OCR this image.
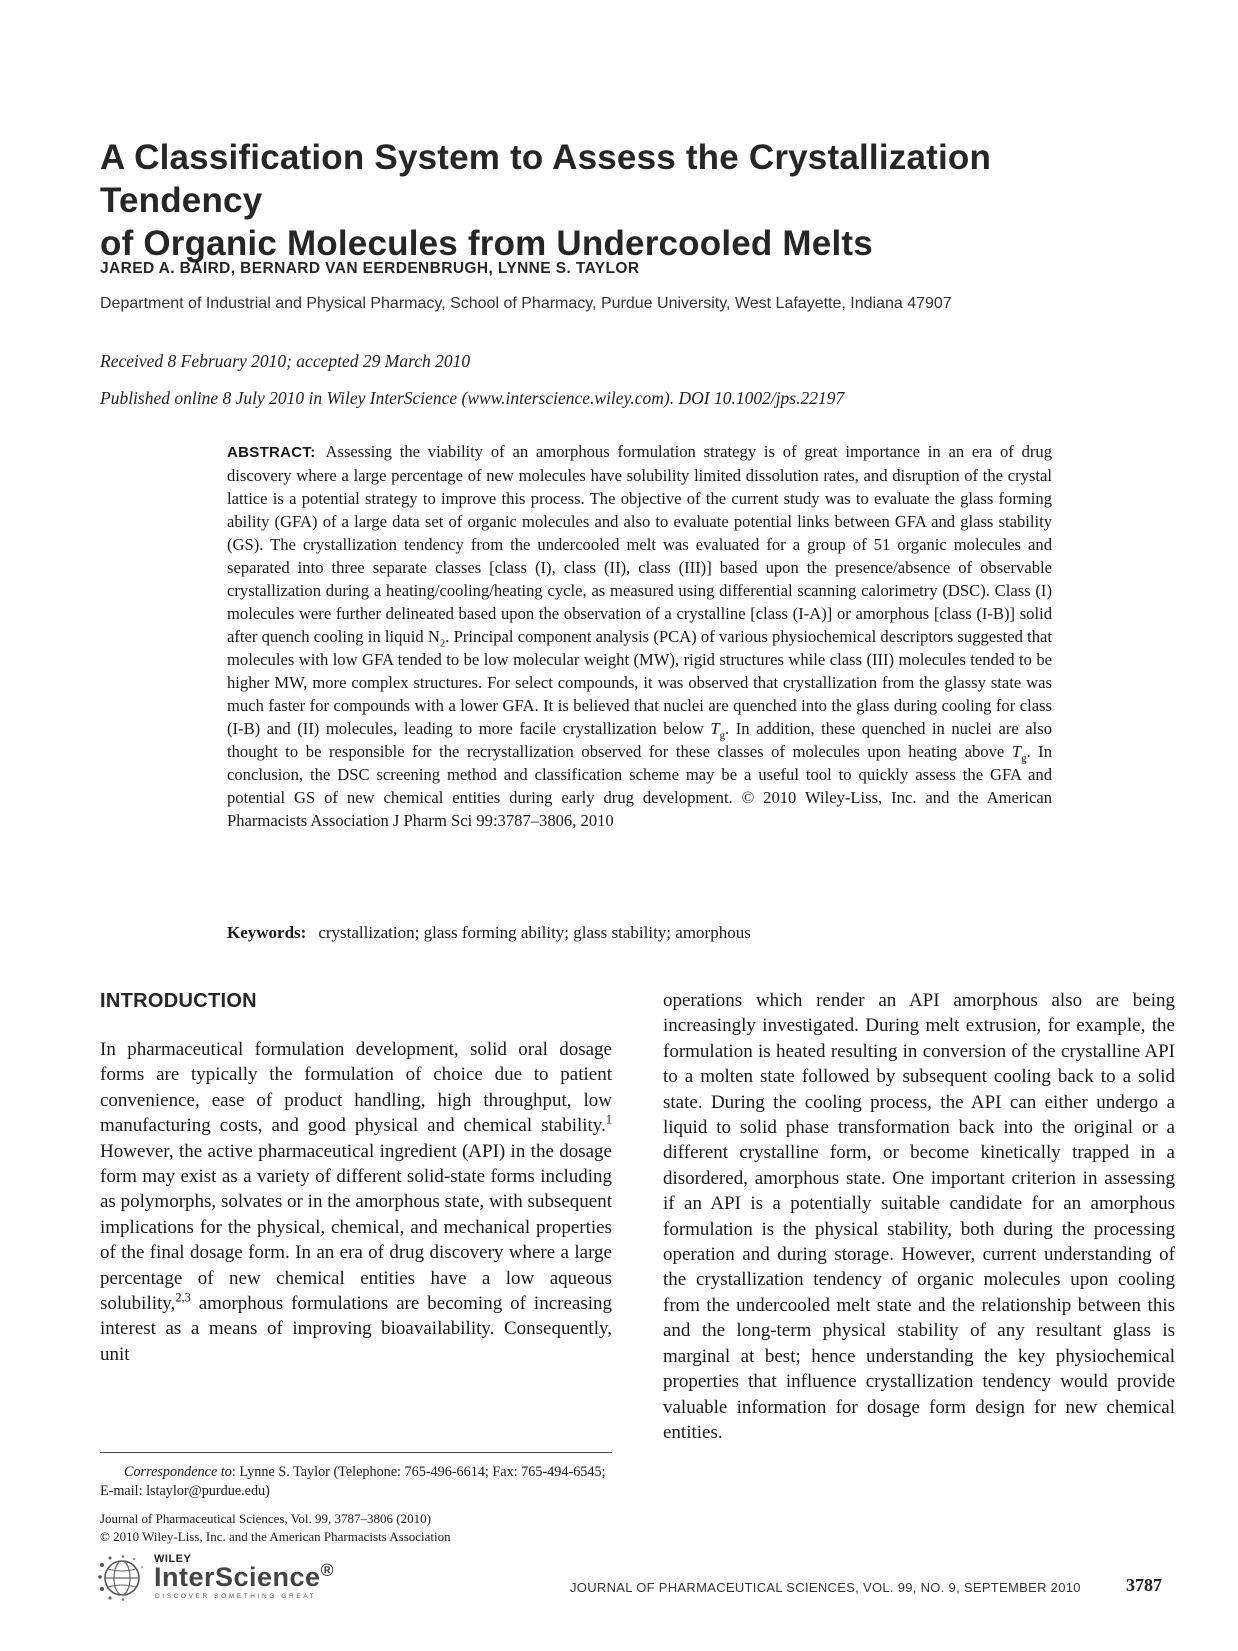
A Classification System to Assess the Crystallization Tendency
of Organic Molecules from Undercooled Melts
JARED A. BAIRD, BERNARD VAN EERDENBRUGH, LYNNE S. TAYLOR
Department of Industrial and Physical Pharmacy, School of Pharmacy, Purdue University, West Lafayette, Indiana 47907
Received 8 February 2010; accepted 29 March 2010
Published online 8 July 2010 in Wiley InterScience (www.interscience.wiley.com). DOI 10.1002/jps.22197
ABSTRACT: Assessing the viability of an amorphous formulation strategy is of great importance in an era of drug discovery where a large percentage of new molecules have solubility limited dissolution rates, and disruption of the crystal lattice is a potential strategy to improve this process. The objective of the current study was to evaluate the glass forming ability (GFA) of a large data set of organic molecules and also to evaluate potential links between GFA and glass stability (GS). The crystallization tendency from the undercooled melt was evaluated for a group of 51 organic molecules and separated into three separate classes [class (I), class (II), class (III)] based upon the presence/absence of observable crystallization during a heating/cooling/heating cycle, as measured using differential scanning calorimetry (DSC). Class (I) molecules were further delineated based upon the observation of a crystalline [class (I-A)] or amorphous [class (I-B)] solid after quench cooling in liquid $N_2$. Principal component analysis (PCA) of various physiochemical descriptors suggested that molecules with low GFA tended to be low molecular weight (MW), rigid structures while class (III) molecules tended to be higher MW, more complex structures. For select compounds, it was observed that crystallization from the glassy state was much faster for compounds with a lower GFA. It is believed that nuclei are quenched into the glass during cooling for class (I-B) and (II) molecules, leading to more facile crystallization below $T_g$. In addition, these quenched in nuclei are also thought to be responsible for the recrystallization observed for these classes of molecules upon heating above $T_g$. In conclusion, the DSC screening method and classification scheme may be a useful tool to quickly assess the GFA and potential GS of new chemical entities during early drug development. © 2010 Wiley-Liss, Inc. and the American Pharmacists Association J Pharm Sci 99:3787–3806, 2010
Keywords: crystallization; glass forming ability; glass stability; amorphous
INTRODUCTION
In pharmaceutical formulation development, solid oral dosage forms are typically the formulation of choice due to patient convenience, ease of product handling, high throughput, low manufacturing costs, and good physical and chemical stability.$^1$ However, the active pharmaceutical ingredient (API) in the dosage form may exist as a variety of different solid-state forms including as polymorphs, solvates or in the amorphous state, with subsequent implications for the physical, chemical, and mechanical properties of the final dosage form. In an era of drug discovery where a large percentage of new chemical entities have a low aqueous solubility,$^{2,3}$ amorphous formulations are becoming of increasing interest as a means of improving bioavailability. Consequently, unit
operations which render an API amorphous also are being increasingly investigated. During melt extrusion, for example, the formulation is heated resulting in conversion of the crystalline API to a molten state followed by subsequent cooling back to a solid state. During the cooling process, the API can either undergo a liquid to solid phase transformation back into the original or a different crystalline form, or become kinetically trapped in a disordered, amorphous state. One important criterion in assessing if an API is a potentially suitable candidate for an amorphous formulation is the physical stability, both during the processing operation and during storage. However, current understanding of the crystallization tendency of organic molecules upon cooling from the undercooled melt state and the relationship between this and the long-term physical stability of any resultant glass is marginal at best; hence understanding the key physiochemical properties that influence crystallization tendency would provide valuable information for dosage form design for new chemical entities.
Correspondence to: Lynne S. Taylor (Telephone: 765-496-6614; Fax: 765-494-6545; E-mail: lstaylor@purdue.edu)
Journal of Pharmaceutical Sciences, Vol. 99, 3787–3806 (2010)
© 2010 Wiley-Liss, Inc. and the American Pharmacists Association
WILEY
InterScience®
DISCOVER SOMETHING GREAT
JOURNAL OF PHARMACEUTICAL SCIENCES, VOL. 99, NO. 9, SEPTEMBER 2010	3787
